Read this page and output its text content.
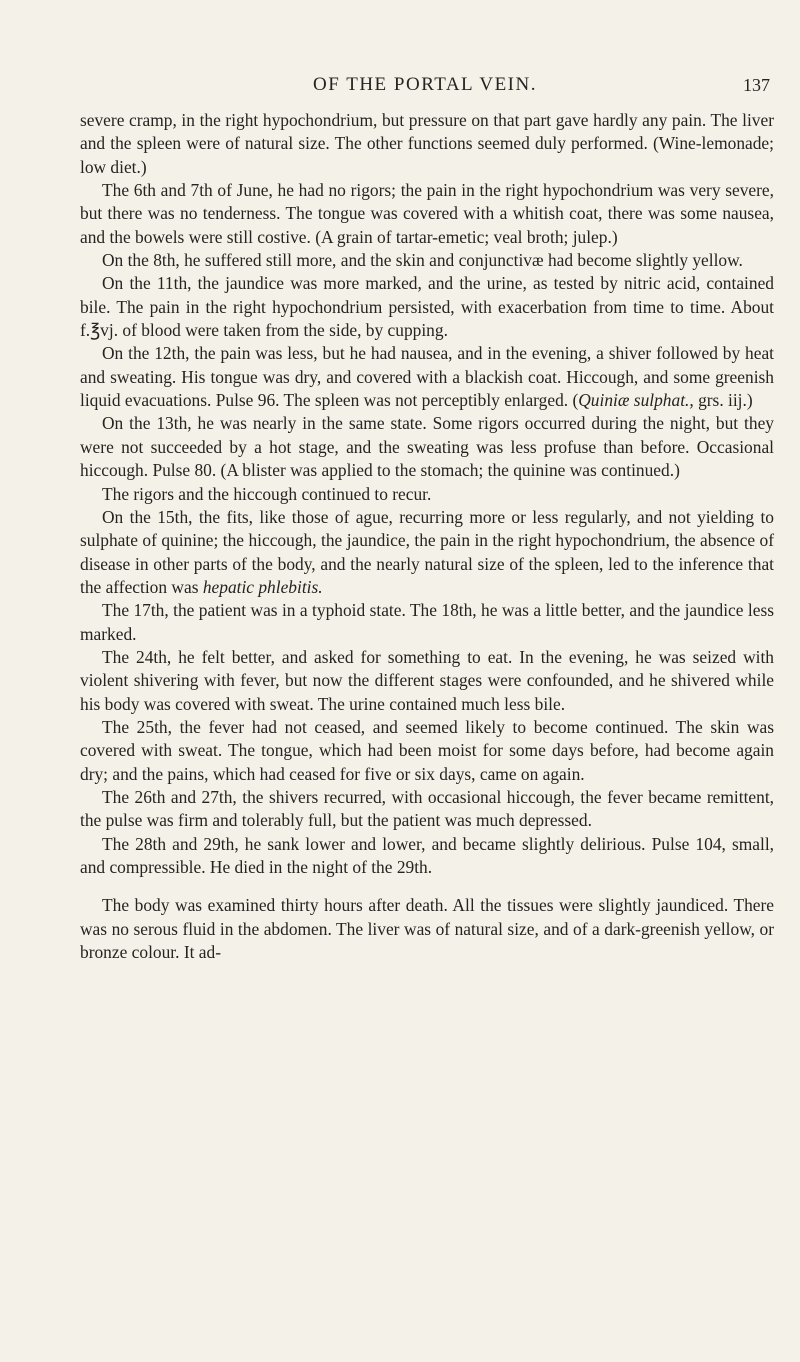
OF THE PORTAL VEIN.	137

severe cramp, in the right hypochondrium, but pressure on that part gave hardly any pain. The liver and the spleen were of natural size. The other functions seemed duly performed. (Wine-lemonade; low diet.)

The 6th and 7th of June, he had no rigors; the pain in the right hypochondrium was very severe, but there was no tenderness. The tongue was covered with a whitish coat, there was some nausea, and the bowels were still costive. (A grain of tartar-emetic; veal broth; julep.)

On the 8th, he suffered still more, and the skin and conjunctivæ had become slightly yellow.

On the 11th, the jaundice was more marked, and the urine, as tested by nitric acid, contained bile. The pain in the right hypochondrium persisted, with exacerbation from time to time. About f.℥vj. of blood were taken from the side, by cupping.

On the 12th, the pain was less, but he had nausea, and in the evening, a shiver followed by heat and sweating. His tongue was dry, and covered with a blackish coat. Hiccough, and some greenish liquid evacuations. Pulse 96. The spleen was not perceptibly enlarged. (Quiniæ sulphat., grs. iij.)

On the 13th, he was nearly in the same state. Some rigors occurred during the night, but they were not succeeded by a hot stage, and the sweating was less profuse than before. Occasional hiccough. Pulse 80. (A blister was applied to the stomach; the quinine was continued.)

The rigors and the hiccough continued to recur.

On the 15th, the fits, like those of ague, recurring more or less regularly, and not yielding to sulphate of quinine; the hiccough, the jaundice, the pain in the right hypochondrium, the absence of disease in other parts of the body, and the nearly natural size of the spleen, led to the inference that the affection was hepatic phlebitis.

The 17th, the patient was in a typhoid state. The 18th, he was a little better, and the jaundice less marked.

The 24th, he felt better, and asked for something to eat. In the evening, he was seized with violent shivering with fever, but now the different stages were confounded, and he shivered while his body was covered with sweat. The urine contained much less bile.

The 25th, the fever had not ceased, and seemed likely to become continued. The skin was covered with sweat. The tongue, which had been moist for some days before, had become again dry; and the pains, which had ceased for five or six days, came on again.

The 26th and 27th, the shivers recurred, with occasional hiccough, the fever became remittent, the pulse was firm and tolerably full, but the patient was much depressed.

The 28th and 29th, he sank lower and lower, and became slightly delirious. Pulse 104, small, and compressible. He died in the night of the 29th.

The body was examined thirty hours after death. All the tissues were slightly jaundiced. There was no serous fluid in the abdomen. The liver was of natural size, and of a dark-greenish yellow, or bronze colour. It ad-
